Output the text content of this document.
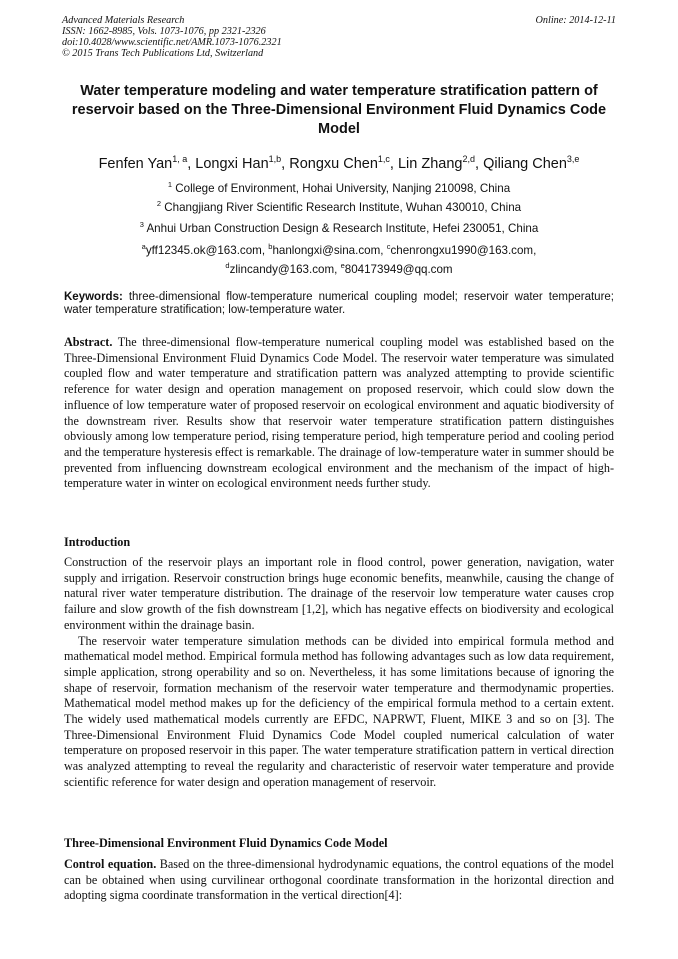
Advanced Materials Research
ISSN: 1662-8985, Vols. 1073-1076, pp 2321-2326
doi:10.4028/www.scientific.net/AMR.1073-1076.2321
© 2015 Trans Tech Publications Ltd, Switzerland
Online: 2014-12-11
Water temperature modeling and water temperature stratification pattern of reservoir based on the Three-Dimensional Environment Fluid Dynamics Code Model
Fenfen Yan$^{1, a}$, Longxi Han$^{1,b}$, Rongxu Chen$^{1,c}$, Lin Zhang$^{2,d}$, Qiliang Chen$^{3,e}$
$^1$ College of Environment, Hohai University, Nanjing 210098, China
$^2$ Changjiang River Scientific Research Institute, Wuhan 430010, China
$^3$ Anhui Urban Construction Design & Research Institute, Hefei 230051, China
$^a$yff12345.ok@163.com, $^b$hanlongxi@sina.com, $^c$chenrongxu1990@163.com,
$^d$zlincandy@163.com, $^e$804173949@qq.com
Keywords: three-dimensional flow-temperature numerical coupling model; reservoir water temperature; water temperature stratification; low-temperature water.
Abstract. The three-dimensional flow-temperature numerical coupling model was established based on the Three-Dimensional Environment Fluid Dynamics Code Model. The reservoir water temperature was simulated coupled flow and water temperature and stratification pattern was analyzed attempting to provide scientific reference for water design and operation management on proposed reservoir, which could slow down the influence of low temperature water of proposed reservoir on ecological environment and aquatic biodiversity of the downstream river. Results show that reservoir water temperature stratification pattern distinguishes obviously among low temperature period, rising temperature period, high temperature period and cooling period and the temperature hysteresis effect is remarkable. The drainage of low-temperature water in summer should be prevented from influencing downstream ecological environment and the mechanism of the impact of high-temperature water in winter on ecological environment needs further study.
Introduction

Construction of the reservoir plays an important role in flood control, power generation, navigation, water supply and irrigation. Reservoir construction brings huge economic benefits, meanwhile, causing the change of natural river water temperature distribution. The drainage of the reservoir low temperature water causes crop failure and slow growth of the fish downstream [1,2], which has negative effects on biodiversity and ecological environment within the drainage basin.

The reservoir water temperature simulation methods can be divided into empirical formula method and mathematical model method. Empirical formula method has following advantages such as low data requirement, simple application, strong operability and so on. Nevertheless, it has some limitations because of ignoring the shape of reservoir, formation mechanism of the reservoir water temperature and thermodynamic properties. Mathematical model method makes up for the deficiency of the empirical formula method to a certain extent. The widely used mathematical models currently are EFDC, NAPRWT, Fluent, MIKE 3 and so on [3]. The Three-Dimensional Environment Fluid Dynamics Code Model coupled numerical calculation of water temperature on proposed reservoir in this paper. The water temperature stratification pattern in vertical direction was analyzed attempting to reveal the regularity and characteristic of reservoir water temperature and provide scientific reference for water design and operation management of reservoir.

Three-Dimensional Environment Fluid Dynamics Code Model
Control equation. Based on the three-dimensional hydrodynamic equations, the control equations of the model can be obtained when using curvilinear orthogonal coordinate transformation in the horizontal direction and adopting sigma coordinate transformation in the vertical direction[4]:
